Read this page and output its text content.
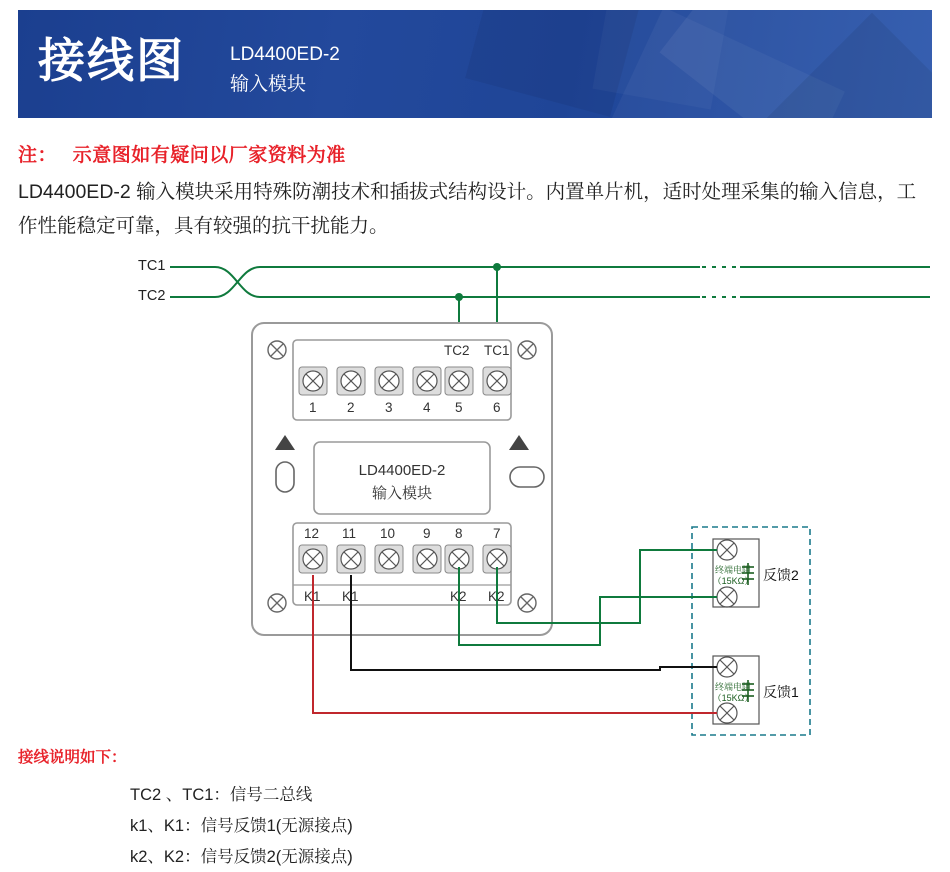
接线图 LD4400ED-2
输入模块
注： 示意图如有疑问以厂家资料为准
LD4400ED-2 输入模块采用特殊防潮技术和插拔式结构设计。内置单片机，适时处理采集的输入信息，工作性能稳定可靠，具有较强的抗干扰能力。
TC1
TC2
TC2 TC1
1 2 3 4 5 6
LD4400ED-2
输入模块
12 11 10 9 8 7
K1 K1	K2 K2
终端电阻
（15KΩ） 反馈2
终端电阻
（15KΩ） 反馈1
接线说明如下：
TC2 、TC1：信号二总线
k1、K1：信号反馈1(无源接点)
k2、K2：信号反馈2(无源接点)
